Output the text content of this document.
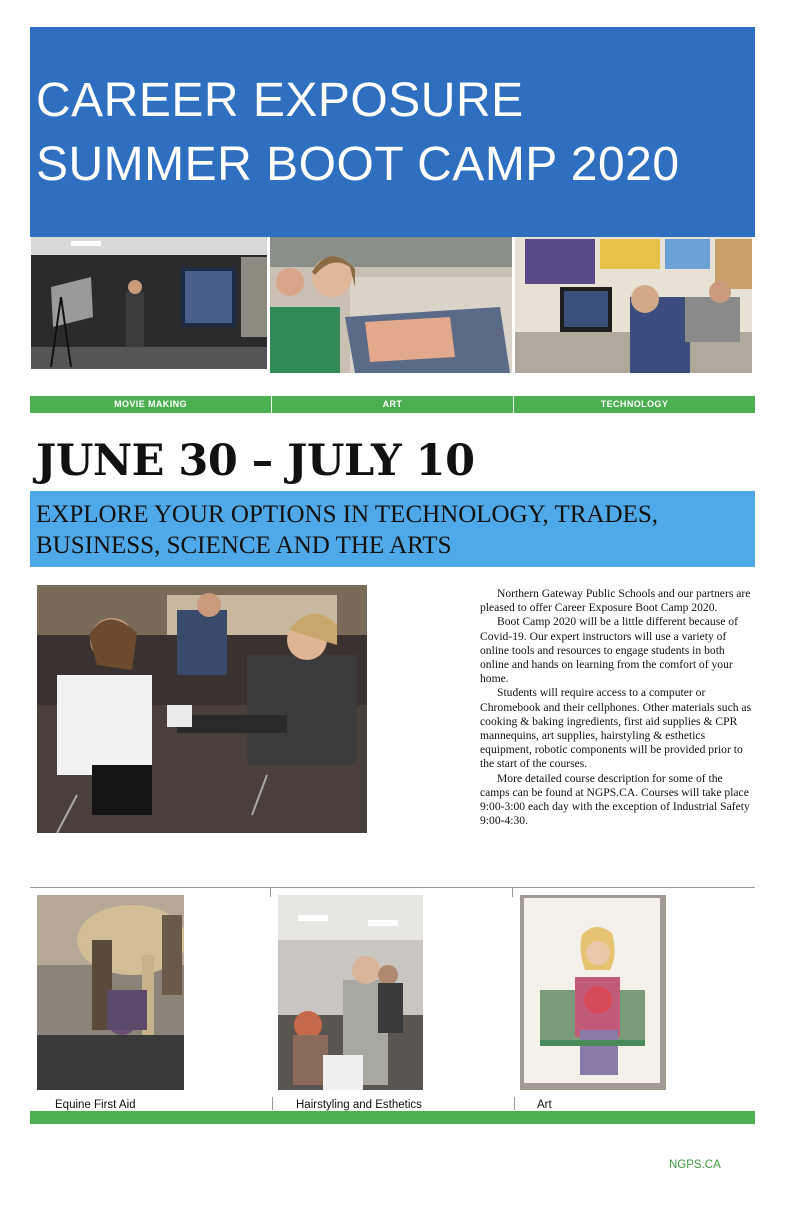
CAREER EXPOSURE
SUMMER BOOT CAMP 2020
MOVIE MAKING	ART	TECHNOLOGY
JUNE 30 – JULY 10
EXPLORE YOUR OPTIONS IN TECHNOLOGY, TRADES,
BUSINESS, SCIENCE AND THE ARTS

Northern Gateway Public Schools and our partners are pleased to offer Career Exposure Boot Camp 2020.

Boot Camp 2020 will be a little different because of Covid-19. Our expert instructors will use a variety of online tools and resources to engage students in both online and hands on learning from the comfort of your home.

Students will require access to a computer or Chromebook and their cellphones. Other materials such as cooking & baking ingredients, first aid supplies & CPR mannequins, art supplies, hairstyling & esthetics equipment, robotic components will be provided prior to the start of the courses.

More detailed course description for some of the camps can be found at NGPS.CA. Courses will take place 9:00-3:00 each day with the exception of Industrial Safety 9:00-4:30.

Equine First Aid	Hairstyling and Esthetics	Art
NGPS.CA
